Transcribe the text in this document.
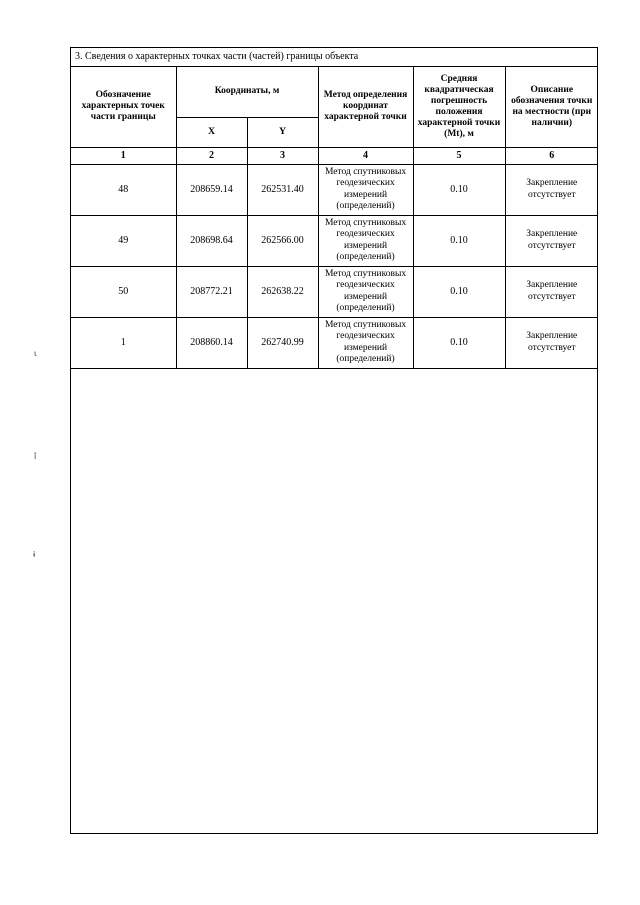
3. Сведения о характерных точках части (частей) границы объекта
Обозначение характерных точек части границы	Координаты, м		Метод определения координат характерной точки	Средняя квадратическая погрешность положения характерной точки (Mt), м	Описание обозначения точки на местности (при наличии)
	X	Y			
1	2	3	4	5	6
48	208659.14	262531.40	Метод спутниковых геодезических измерений (определений)	0.10	Закрепление отсутствует
49	208698.64	262566.00	Метод спутниковых геодезических измерений (определений)	0.10	Закрепление отсутствует
50	208772.21	262638.22	Метод спутниковых геодезических измерений (определений)	0.10	Закрепление отсутствует
1	208860.14	262740.99	Метод спутниковых геодезических измерений (определений)	0.10	Закрепление отсутствует
ɩ
ǐ
ɨ
